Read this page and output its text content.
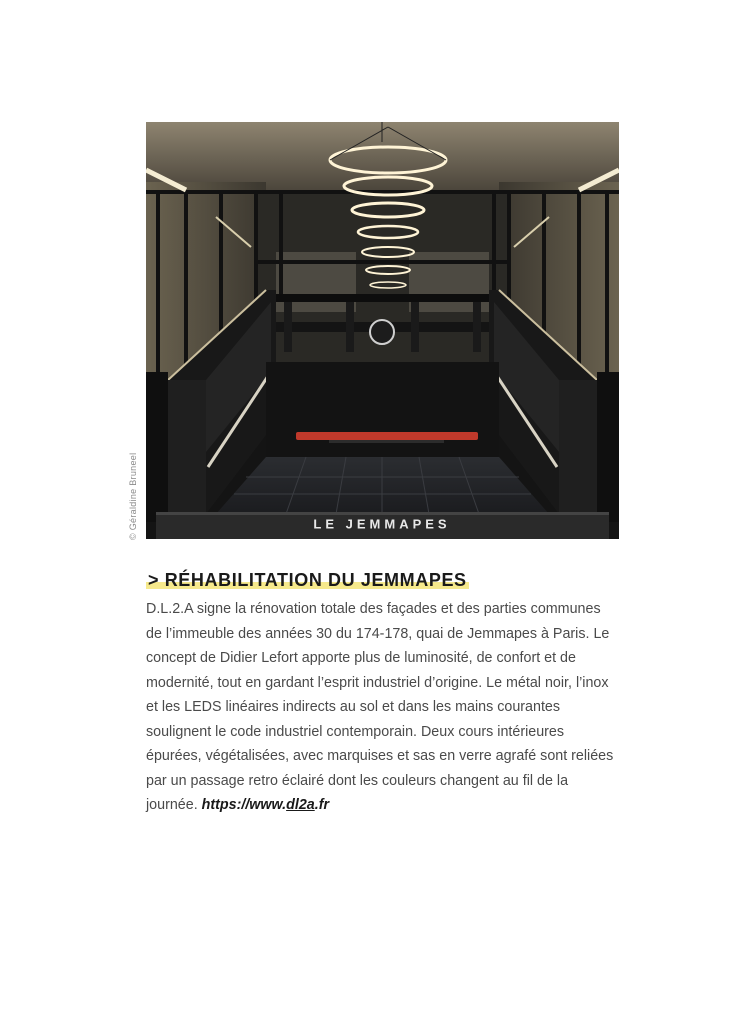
© Géraldine Bruneel	LE JEMMAPES
> RÉHABILITATION DU JEMMAPES

D.L.2.A signe la rénovation totale des façades et des parties communes de l’immeuble des années 30 du 174-178, quai de Jemmapes à Paris. Le concept de Didier Lefort apporte plus de luminosité, de confort et de modernité, tout en gardant l’esprit industriel d’origine. Le métal noir, l’inox et les LEDS linéaires indirects au sol et dans les mains courantes soulignent le code industriel contemporain. Deux cours intérieures épurées, végétalisées, avec marquises et sas en verre agrafé sont reliées par un passage retro éclairé dont les couleurs changent au fil de la journée. https://www.dl2a.fr
